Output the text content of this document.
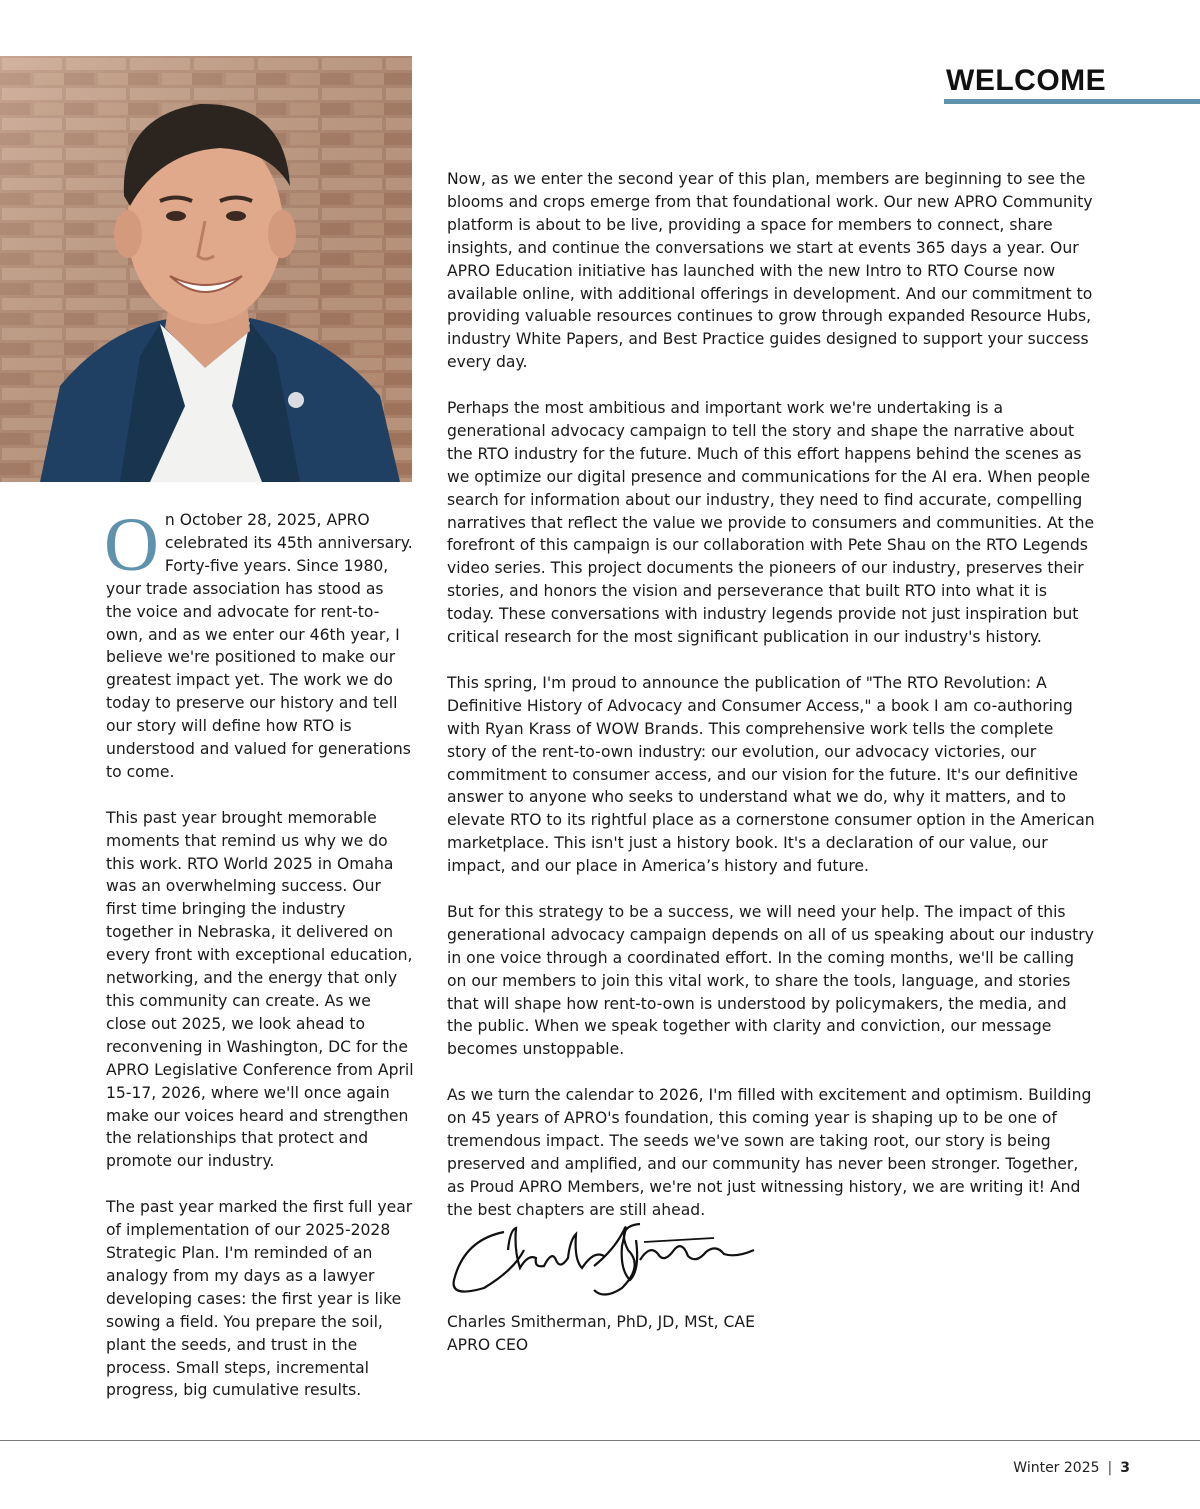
WELCOME

On October 28, 2025, APRO celebrated its 45th anniversary. Forty-five years. Since 1980, your trade association has stood as the voice and advocate for rent-to-own, and as we enter our 46th year, I believe we're positioned to make our greatest impact yet. The work we do today to preserve our history and tell our story will define how RTO is understood and valued for generations to come.

This past year brought memorable moments that remind us why we do this work. RTO World 2025 in Omaha was an overwhelming success. Our first time bringing the industry together in Nebraska, it delivered on every front with exceptional education, networking, and the energy that only this community can create. As we close out 2025, we look ahead to reconvening in Washington, DC for the APRO Legislative Conference from April 15-17, 2026, where we'll once again make our voices heard and strengthen the relationships that protect and promote our industry.

The past year marked the first full year of implementation of our 2025-2028 Strategic Plan. I'm reminded of an analogy from my days as a lawyer developing cases: the first year is like sowing a field. You prepare the soil, plant the seeds, and trust in the process. Small steps, incremental progress, big cumulative results.

Now, as we enter the second year of this plan, members are beginning to see the blooms and crops emerge from that foundational work. Our new APRO Community platform is about to be live, providing a space for members to connect, share insights, and continue the conversations we start at events 365 days a year. Our APRO Education initiative has launched with the new Intro to RTO Course now available online, with additional offerings in development. And our commitment to providing valuable resources continues to grow through expanded Resource Hubs, industry White Papers, and Best Practice guides designed to support your success every day.

Perhaps the most ambitious and important work we're undertaking is a generational advocacy campaign to tell the story and shape the narrative about the RTO industry for the future. Much of this effort happens behind the scenes as we optimize our digital presence and communications for the AI era. When people search for information about our industry, they need to find accurate, compelling narratives that reflect the value we provide to consumers and communities. At the forefront of this campaign is our collaboration with Pete Shau on the RTO Legends video series. This project documents the pioneers of our industry, preserves their stories, and honors the vision and perseverance that built RTO into what it is today. These conversations with industry legends provide not just inspiration but critical research for the most significant publication in our industry's history.

This spring, I'm proud to announce the publication of "The RTO Revolution: A Definitive History of Advocacy and Consumer Access," a book I am co-authoring with Ryan Krass of WOW Brands. This comprehensive work tells the complete story of the rent-to-own industry: our evolution, our advocacy victories, our commitment to consumer access, and our vision for the future. It's our definitive answer to anyone who seeks to understand what we do, why it matters, and to elevate RTO to its rightful place as a cornerstone consumer option in the American marketplace. This isn't just a history book. It's a declaration of our value, our impact, and our place in America’s history and future.

But for this strategy to be a success, we will need your help. The impact of this generational advocacy campaign depends on all of us speaking about our industry in one voice through a coordinated effort. In the coming months, we'll be calling on our members to join this vital work, to share the tools, language, and stories that will shape how rent-to-own is understood by policymakers, the media, and the public. When we speak together with clarity and conviction, our message becomes unstoppable.

As we turn the calendar to 2026, I'm filled with excitement and optimism. Building on 45 years of APRO's foundation, this coming year is shaping up to be one of tremendous impact. The seeds we've sown are taking root, our story is being preserved and amplified, and our community has never been stronger. Together, as Proud APRO Members, we're not just witnessing history, we are writing it! And the best chapters are still ahead.

Charles Smitherman, PhD, JD, MSt, CAE
APRO CEO
Winter 2025 | 3
